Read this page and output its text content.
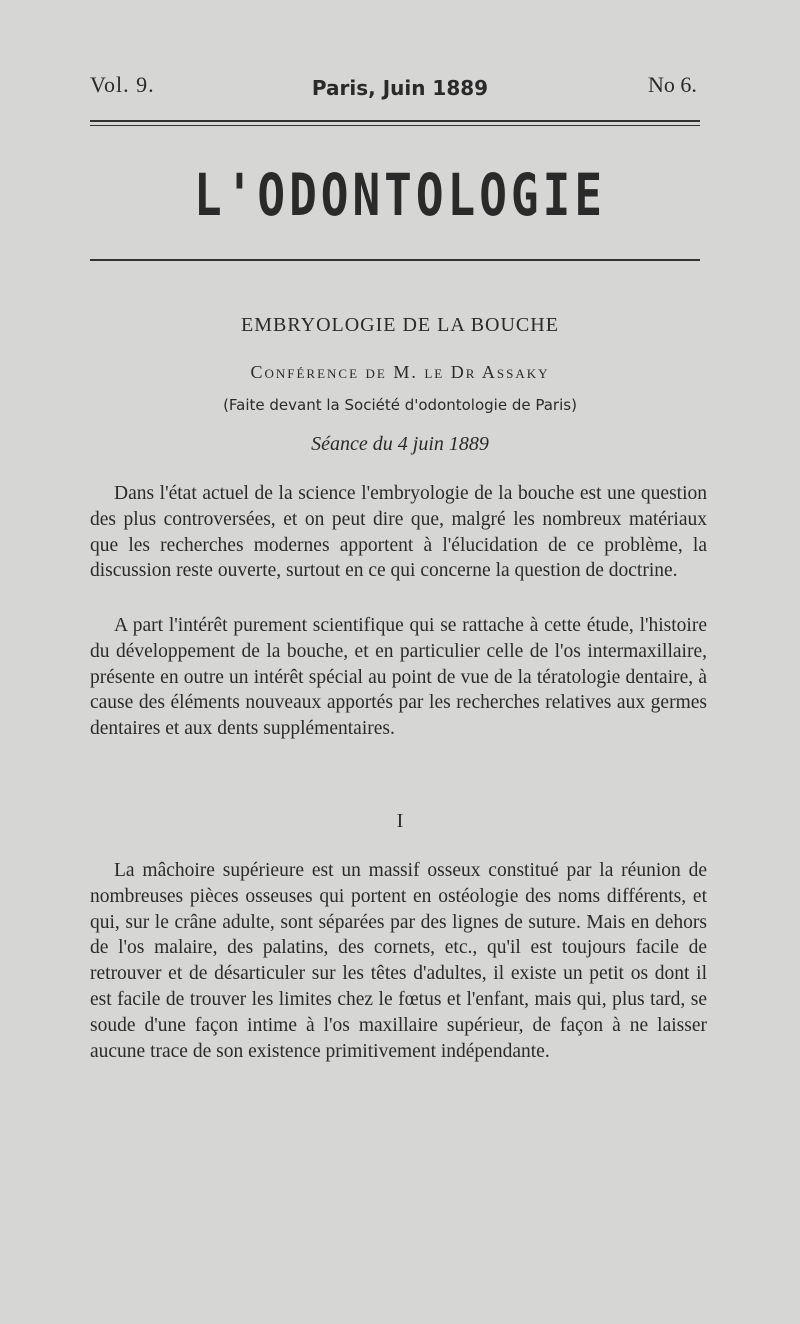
Vol. 9.	Paris, Juin 1889	No 6.
L'ODONTOLOGIE
EMBRYOLOGIE DE LA BOUCHE
Conférence de M. le Dr Assaky
(Faite devant la Société d'odontologie de Paris)
Séance du 4 juin 1889

Dans l'état actuel de la science l'embryologie de la bouche est une question des plus controversées, et on peut dire que, malgré les nombreux matériaux que les recherches modernes apportent à l'élucidation de ce problème, la discussion reste ouverte, surtout en ce qui concerne la question de doctrine.

A part l'intérêt purement scientifique qui se rattache à cette étude, l'histoire du développement de la bouche, et en particulier celle de l'os intermaxillaire, présente en outre un intérêt spécial au point de vue de la tératologie dentaire, à cause des éléments nouveaux apportés par les recherches relatives aux germes dentaires et aux dents supplémentaires.

I

La mâchoire supérieure est un massif osseux constitué par la réunion de nombreuses pièces osseuses qui portent en ostéologie des noms différents, et qui, sur le crâne adulte, sont séparées par des lignes de suture. Mais en dehors de l'os malaire, des palatins, des cornets, etc., qu'il est toujours facile de retrouver et de désarticuler sur les têtes d'adultes, il existe un petit os dont il est facile de trouver les limites chez le fœtus et l'enfant, mais qui, plus tard, se soude d'une façon intime à l'os maxillaire supérieur, de façon à ne laisser aucune trace de son existence primitivement indépendante.
